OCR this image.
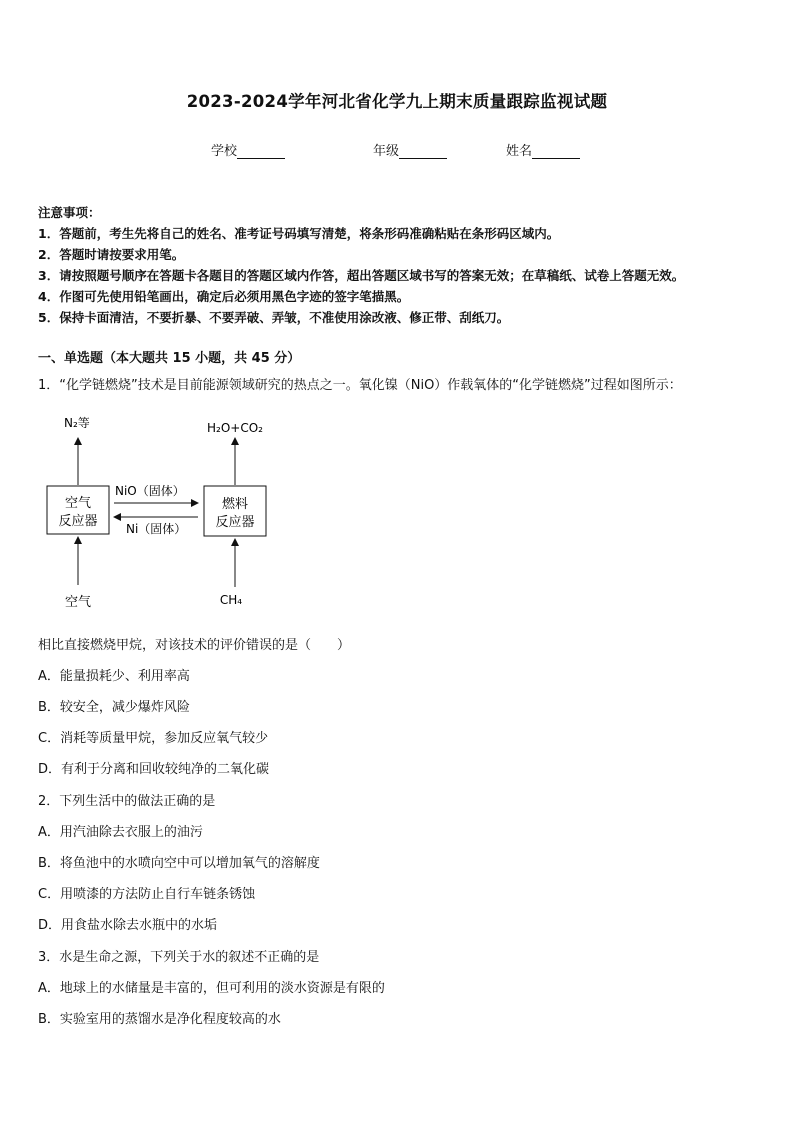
2023-2024学年河北省化学九上期末质量跟踪监视试题
学校	年级	姓名
注意事项：
1．答题前，考生先将自己的姓名、准考证号码填写清楚，将条形码准确粘贴在条形码区域内。
2．答题时请按要求用笔。
3．请按照题号顺序在答题卡各题目的答题区域内作答，超出答题区域书写的答案无效；在草稿纸、试卷上答题无效。
4．作图可先使用铅笔画出，确定后必须用黑色字迹的签字笔描黑。
5．保持卡面清洁，不要折暴、不要弄破、弄皱，不准使用涂改液、修正带、刮纸刀。
一、单选题（本大题共 15 小题，共 45 分）
1．“化学链燃烧”技术是目前能源领域研究的热点之一。氧化镍（NiO）作载氧体的“化学链燃烧”过程如图所示：
N₂等
空气
反应器
空气
H₂O+CO₂
燃料
反应器
CH₄
NiO（固体）
Ni（固体）
相比直接燃烧甲烷，对该技术的评价错误的是（　　）
A．能量损耗少、利用率高
B．较安全，减少爆炸风险
C．消耗等质量甲烷，参加反应氧气较少
D．有利于分离和回收较纯净的二氧化碳
2．下列生活中的做法正确的是
A．用汽油除去衣服上的油污
B．将鱼池中的水喷向空中可以增加氧气的溶解度
C．用喷漆的方法防止自行车链条锈蚀
D．用食盐水除去水瓶中的水垢
3．水是生命之源，下列关于水的叙述不正确的是
A．地球上的水储量是丰富的，但可利用的淡水资源是有限的
B．实验室用的蒸馏水是净化程度较高的水
